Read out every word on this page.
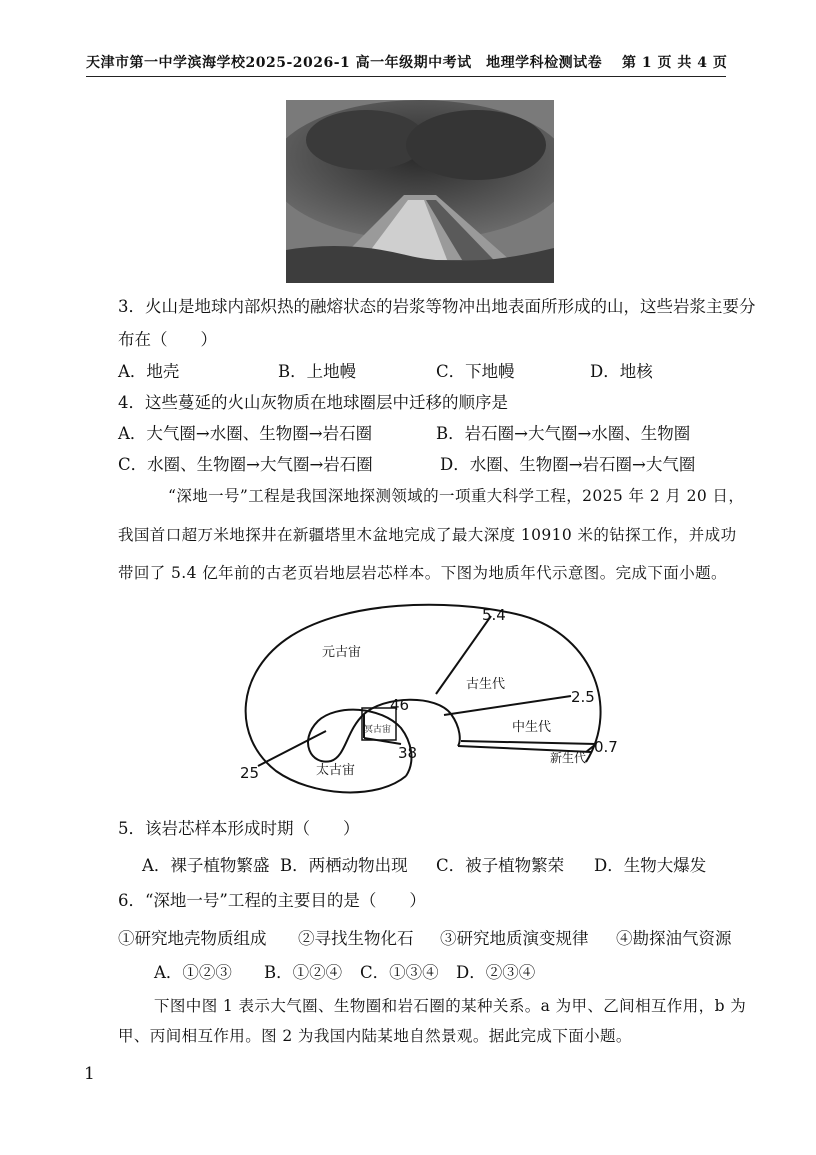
天津市第一中学滨海学校2025-2026-1 高一年级期中考试　地理学科检测试卷　 第 1 页 共 4 页
3．火山是地球内部炽热的融熔状态的岩浆等物冲出地表面所形成的山，这些岩浆主要分
布在（　　）
A．地壳	B．上地幔	C．下地幔	D．地核
4．这些蔓延的火山灰物质在地球圈层中迁移的顺序是
A．大气圈→水圈、生物圈→岩石圈	B．岩石圈→大气圈→水圈、生物圈
C．水圈、生物圈→大气圈→岩石圈	D．水圈、生物圈→岩石圈→大气圈
“深地一号”工程是我国深地探测领域的一项重大科学工程，2025 年 2 月 20 日，
我国首口超万米地探井在新疆塔里木盆地完成了最大深度 10910 米的钻探工作，并成功
带回了 5.4 亿年前的古老页岩地层岩芯样本。下图为地质年代示意图。完成下面小题。
元古宙
古生代
中生代
新生代
太古宙
冥古宙
5.4
2.5
0.7
46
38
25
5．该岩芯样本形成时期（　　）
A．裸子植物繁盛 B．两栖动物出现 C．被子植物繁荣 D．生物大爆发
6．“深地一号”工程的主要目的是（　　）
①研究地壳物质组成 ②寻找生物化石 ③研究地质演变规律 ④勘探油气资源
A．①②③ B．①②④ C．①③④ D．②③④
下图中图 1 表示大气圈、生物圈和岩石圈的某种关系。a 为甲、乙间相互作用，b 为
甲、丙间相互作用。图 2 为我国内陆某地自然景观。据此完成下面小题。
1
